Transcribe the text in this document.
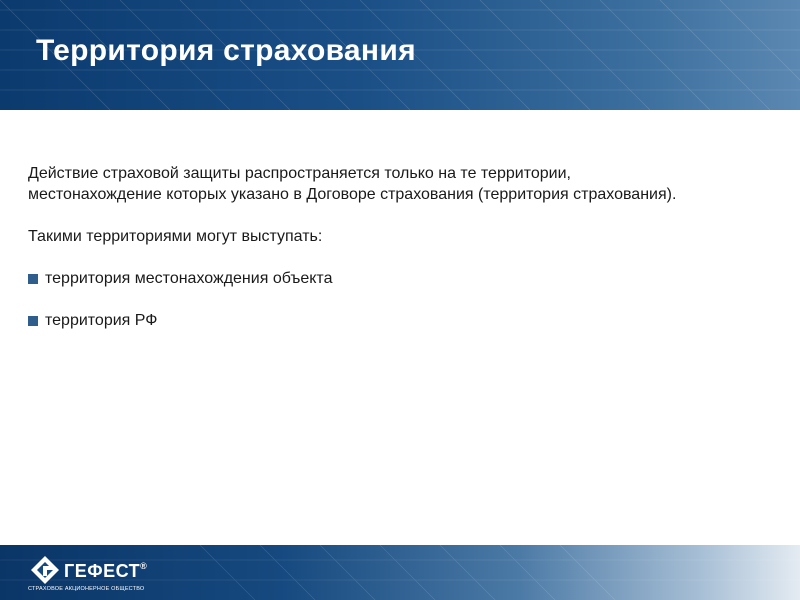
Территория страхования

Действие страховой защиты распространяется только на те территории,

местонахождение которых указано в Договоре страхования (территория страхования).

Такими территориями могут выступать:

территория местонахождения объекта

территория РФ

ГЕФЕСТ®
СТРАХОВОЕ АКЦИОНЕРНОЕ ОБЩЕСТВО
